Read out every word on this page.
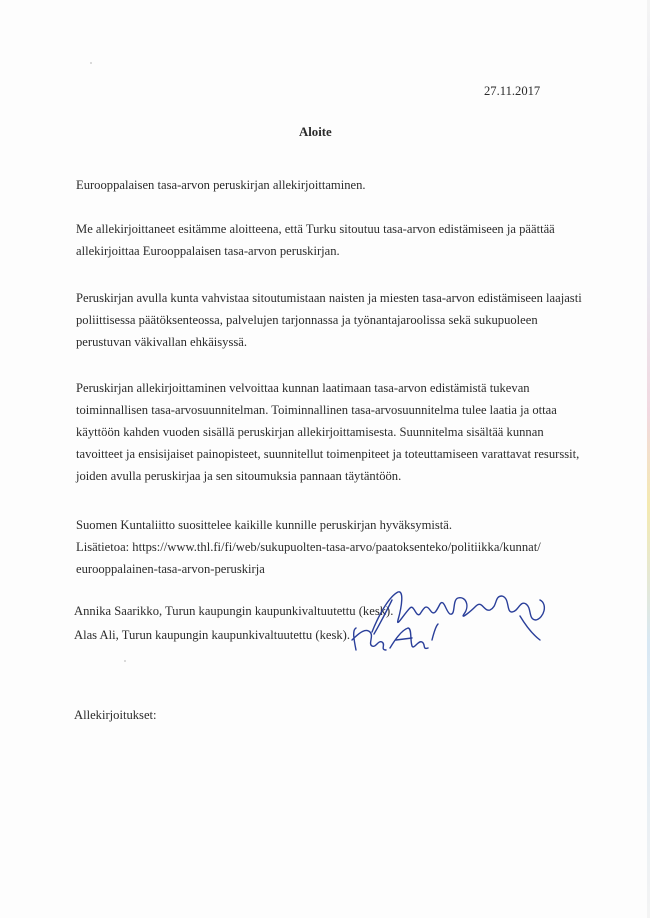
27.11.2017
Aloite

Eurooppalaisen tasa-arvon peruskirjan allekirjoittaminen.

Me allekirjoittaneet esitämme aloitteena, että Turku sitoutuu tasa-arvon edistämiseen ja päättää
allekirjoittaa Eurooppalaisen tasa-arvon peruskirjan.

Peruskirjan avulla kunta vahvistaa sitoutumistaan naisten ja miesten tasa-arvon edistämiseen laajasti
poliittisessa päätöksenteossa, palvelujen tarjonnassa ja työnantajaroolissa sekä sukupuoleen
perustuvan väkivallan ehkäisyssä.

Peruskirjan allekirjoittaminen velvoittaa kunnan laatimaan tasa-arvon edistämistä tukevan
toiminnallisen tasa-arvosuunnitelman. Toiminnallinen tasa-arvosuunnitelma tulee laatia ja ottaa
käyttöön kahden vuoden sisällä peruskirjan allekirjoittamisesta. Suunnitelma sisältää kunnan
tavoitteet ja ensisijaiset painopisteet, suunnitellut toimenpiteet ja toteuttamiseen varattavat resurssit,
joiden avulla peruskirjaa ja sen sitoumuksia pannaan täytäntöön.

Suomen Kuntaliitto suosittelee kaikille kunnille peruskirjan hyväksymistä.

Lisätietoa: https://www.thl.fi/fi/web/sukupuolten-tasa-arvo/paatoksenteko/politiikka/kunnat/
eurooppalainen-tasa-arvon-peruskirja

Annika Saarikko, Turun kaupungin kaupunkivaltuutettu (kesk).
Alas Ali, Turun kaupungin kaupunkivaltuutettu (kesk).
Allekirjoitukset:
